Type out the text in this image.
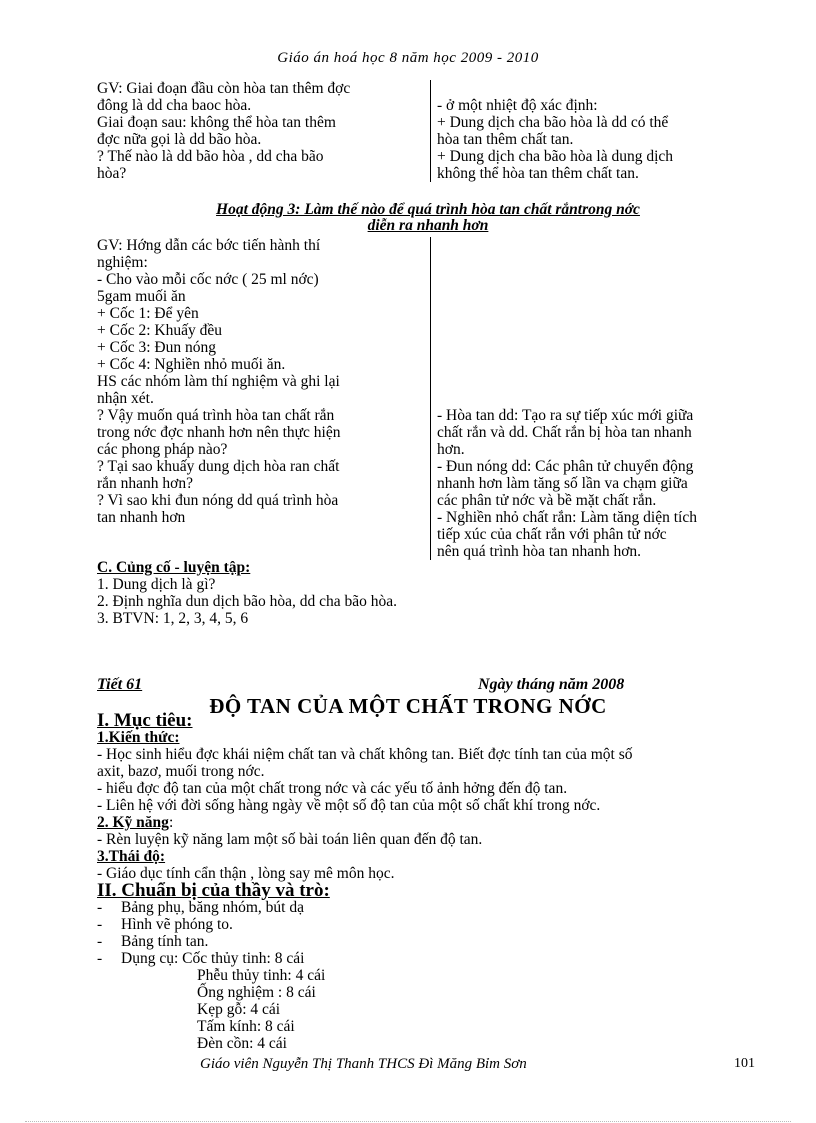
Giáo án hoá học 8 năm học 2009 - 2010
GV: Giai đoạn đầu còn hòa tan thêm đợc
đông là dd cha baoc hòa.
Giai đoạn sau: không thể hòa tan thêm
đợc nữa gọi là dd bão hòa.
? Thế nào là dd bão hòa , dd cha bão
hòa?

- ở một nhiệt độ xác định:
+ Dung dịch cha bão hòa là dd có thể
hòa tan thêm chất tan.
+ Dung dịch cha bão hòa là dung dịch
không thể hòa tan thêm chất tan.
Hoạt động 3: Làm thế nào để quá trình hòa tan chất rắntrong nớc
diễn ra nhanh hơn
GV: Hớng dẫn các bớc tiến hành thí
nghiệm:
- Cho vào mỗi cốc nớc ( 25 ml nớc)
5gam muối ăn
+ Cốc 1: Để yên
+ Cốc 2: Khuấy đều
+ Cốc 3: Đun nóng
+ Cốc 4: Nghiền nhỏ muối ăn.
HS các nhóm làm thí nghiệm và ghi lại
nhận xét.
? Vậy muốn quá trình hòa tan chất rắn
trong nớc đợc nhanh hơn nên thực hiện
các phong pháp nào?
? Tại sao khuấy dung dịch hòa ran chất
rắn nhanh hơn?
? Vì sao khi đun nóng dd quá trình hòa
tan nhanh hơn

- Hòa tan dd: Tạo ra sự tiếp xúc mới giữa
chất rắn và dd. Chất rắn bị hòa tan nhanh
hơn.
- Đun nóng dd: Các phân tử chuyển động
nhanh hơn làm tăng số lần va chạm giữa
các phân tử nớc và bề mặt chất rắn.
- Nghiền nhỏ chất rắn: Làm tăng diện tích
tiếp xúc của chất rắn với phân tử nớc
nên quá trình hòa tan nhanh hơn.
C. Củng cố - luyện tập:
1. Dung dịch là gì?
2. Định nghĩa dun dịch bão hòa, dd cha bão hòa.
3. BTVN: 1, 2, 3, 4, 5, 6
Tiết 61	Ngày tháng năm 2008
ĐỘ TAN CỦA MỘT CHẤT TRONG NỚC
I. Mục tiêu:
1.Kiến thức:
- Học sinh hiểu đợc khái niệm chất tan và chất không tan. Biết đợc tính tan của một số
axit, bazơ, muối trong nớc.
- hiểu đợc độ tan của một chất trong nớc và các yếu tố ảnh hởng đến độ tan.
- Liên hệ với đời sống hàng ngày về một số độ tan của một số chất khí trong nớc.
2. Kỹ năng:
- Rèn luyện kỹ năng lam một số bài toán liên quan đến độ tan.
3.Thái độ:
- Giáo dục tính cẩn thận , lòng say mê môn học.
II. Chuẩn bị của thầy và trò:
- Bảng phụ, băng nhóm, bút dạ
- Hình vẽ phóng to.
- Bảng tính tan.
- Dụng cụ: Cốc thủy tinh: 8 cái
Phễu thủy tinh: 4 cái
Ống nghiệm : 8 cái
Kẹp gỗ: 4 cái
Tấm kính: 8 cái
Đèn cồn: 4 cái
Giáo viên Nguyễn Thị Thanh THCS Đì Măng Bỉm Sơn	101
